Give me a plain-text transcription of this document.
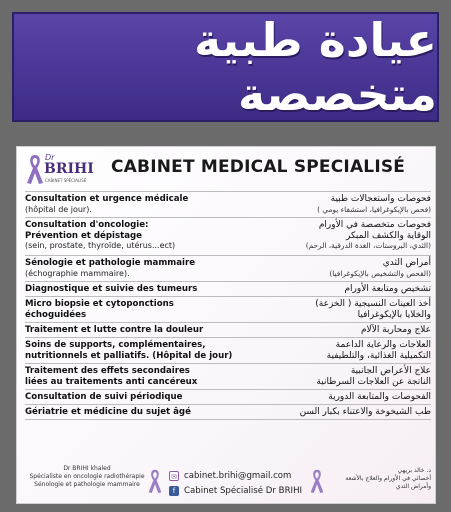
عيادة طبية متخصصة
Dr
BRIHI
CABINET SPÉCIALISÉ
CABINET MEDICAL SPECIALISÉ
Consultation et urgence médicale
(hôpital de jour).
فحوصات واستعجالات طبية
(فحص بالإيكوغرافيا، استشفاء يومي )
Consultation d'oncologie:
Prévention et dépistage
(sein, prostate, thyroïde, utérus...ect)
فحوصات متخصصة في الأورام
الوقاية والكشف المبكر
(الثدي، البروستات، الغدة الدرقية، الرحم)
Sénologie et pathologie mammaire
(échographie mammaire).
أمراض الثدي
(الفحص والتشخيص بالإيكوغرافيا)
Diagnostique et suivie des tumeurs	تشخيص ومتابعة الأورام
Micro biopsie et cytoponctions
échoguidées
أخذ العينات النسيجية ( الخزعة)
والخلايا بالإيكوغرافيا
Traitement et lutte contre la douleur	علاج ومحاربة الآلام
Soins de supports, complémentaires,
nutritionnels et palliatifs. (Hôpital de jour)
العلاجات والرعاية الداعمة
التكميلية الغذائية، والتلطيفية
Traitement des effets secondaires
liées au traitements anti cancéreux
علاج الأعراض الجانبية
الناتجة عن العلاجات السرطانية
Consultation de suivi périodique	الفحوصات والمتابعة الدورية
Gériatrie et médicine du sujet âgé	طب الشيخوخة والاعتناء بكبار السن
Dr BRIHI khaled
Spécialiste en oncologie radiothérapie
Sénologie et pathologie mammaire
✉ cabinet.brihi@gmail.com
f	Cabinet Spécialisé Dr BRIHI
د. خالد بريهي
أخصائي في الأورام والعلاج بالأشعة
وأمراض الثدي
